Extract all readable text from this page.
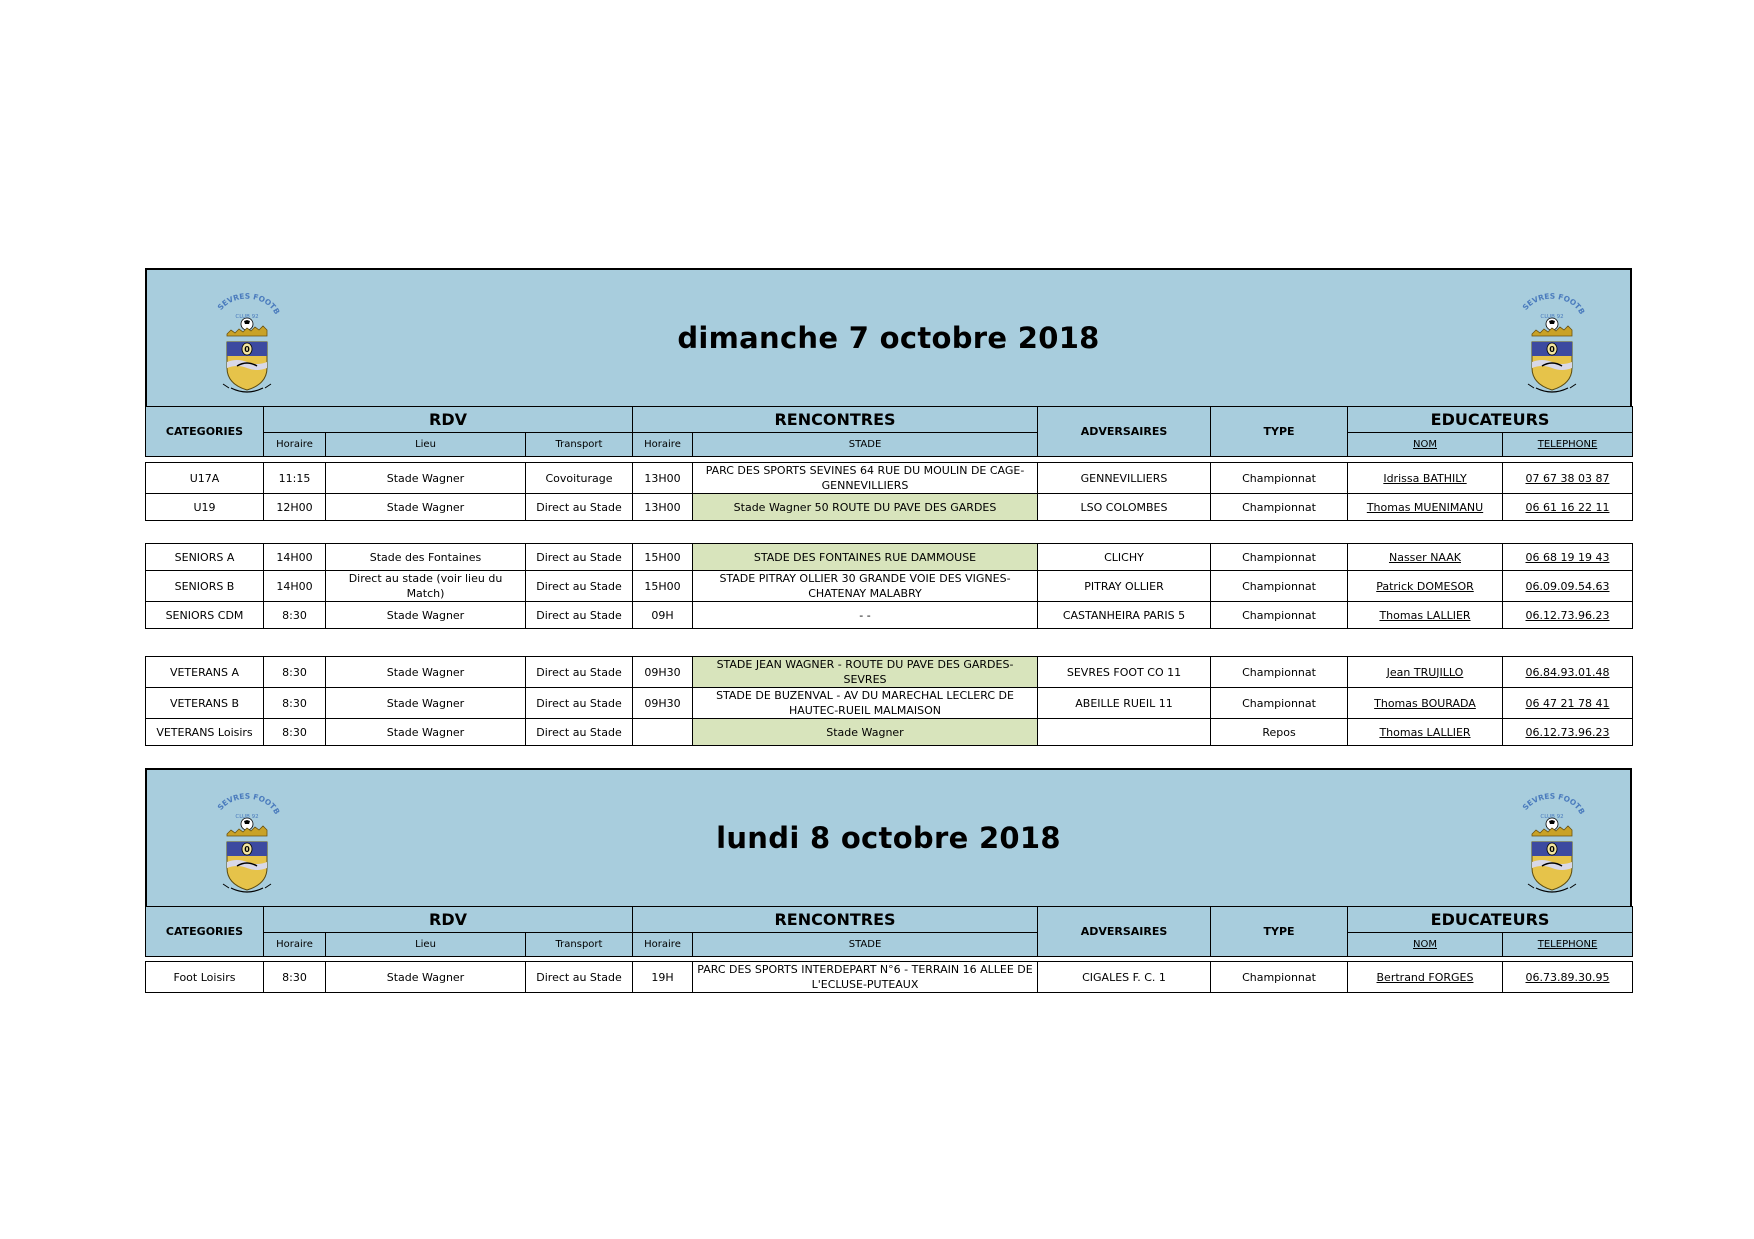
dimanche 7 octobre 2018
CATEGORIES	RDV			RENCONTRES		ADVERSAIRES	TYPE	EDUCATEURS	
	Horaire	Lieu	Transport	Horaire	STADE			NOM	TELEPHONE
U17A	11:15	Stade Wagner	Covoiturage	13H00	PARC DES SPORTS SEVINES 64 RUE DU MOULIN DE CAGE-GENNEVILLIERS	GENNEVILLIERS	Championnat	Idrissa BATHILY	07 67 38 03 87
U19	12H00	Stade Wagner	Direct au Stade	13H00	Stade Wagner 50 ROUTE DU PAVE DES GARDES	LSO COLOMBES	Championnat	Thomas MUENIMANU	06 61 16 22 11
SENIORS A	14H00	Stade des Fontaines	Direct au Stade	15H00	STADE DES FONTAINES RUE DAMMOUSE	CLICHY	Championnat	Nasser NAAK	06 68 19 19 43
SENIORS B	14H00	Direct au stade (voir lieu du Match)	Direct au Stade	15H00	STADE PITRAY OLLIER 30 GRANDE VOIE DES VIGNES-CHATENAY MALABRY	PITRAY OLLIER	Championnat	Patrick DOMESOR	06.09.09.54.63
SENIORS CDM	8:30	Stade Wagner	Direct au Stade	09H	- -	CASTANHEIRA PARIS 5	Championnat	Thomas LALLIER	06.12.73.96.23
VETERANS A	8:30	Stade Wagner	Direct au Stade	09H30	STADE JEAN WAGNER - ROUTE DU PAVE DES GARDES-SEVRES	SEVRES FOOT CO 11	Championnat	Jean TRUJILLO	06.84.93.01.48
VETERANS B	8:30	Stade Wagner	Direct au Stade	09H30	STADE DE BUZENVAL - AV DU MARECHAL LECLERC DE HAUTEC-RUEIL MALMAISON	ABEILLE RUEIL 11	Championnat	Thomas BOURADA	06 47 21 78 41
VETERANS Loisirs	8:30	Stade Wagner	Direct au Stade		Stade Wagner		Repos	Thomas LALLIER	06.12.73.96.23
lundi 8 octobre 2018
CATEGORIES	RDV			RENCONTRES		ADVERSAIRES	TYPE	EDUCATEURS	
	Horaire	Lieu	Transport	Horaire	STADE			NOM	TELEPHONE
Foot Loisirs	8:30	Stade Wagner	Direct au Stade	19H	PARC DES SPORTS INTERDEPART N°6 - TERRAIN 16 ALLEE DE L'ECLUSE-PUTEAUX	CIGALES F. C. 1	Championnat	Bertrand FORGES	06.73.89.30.95
